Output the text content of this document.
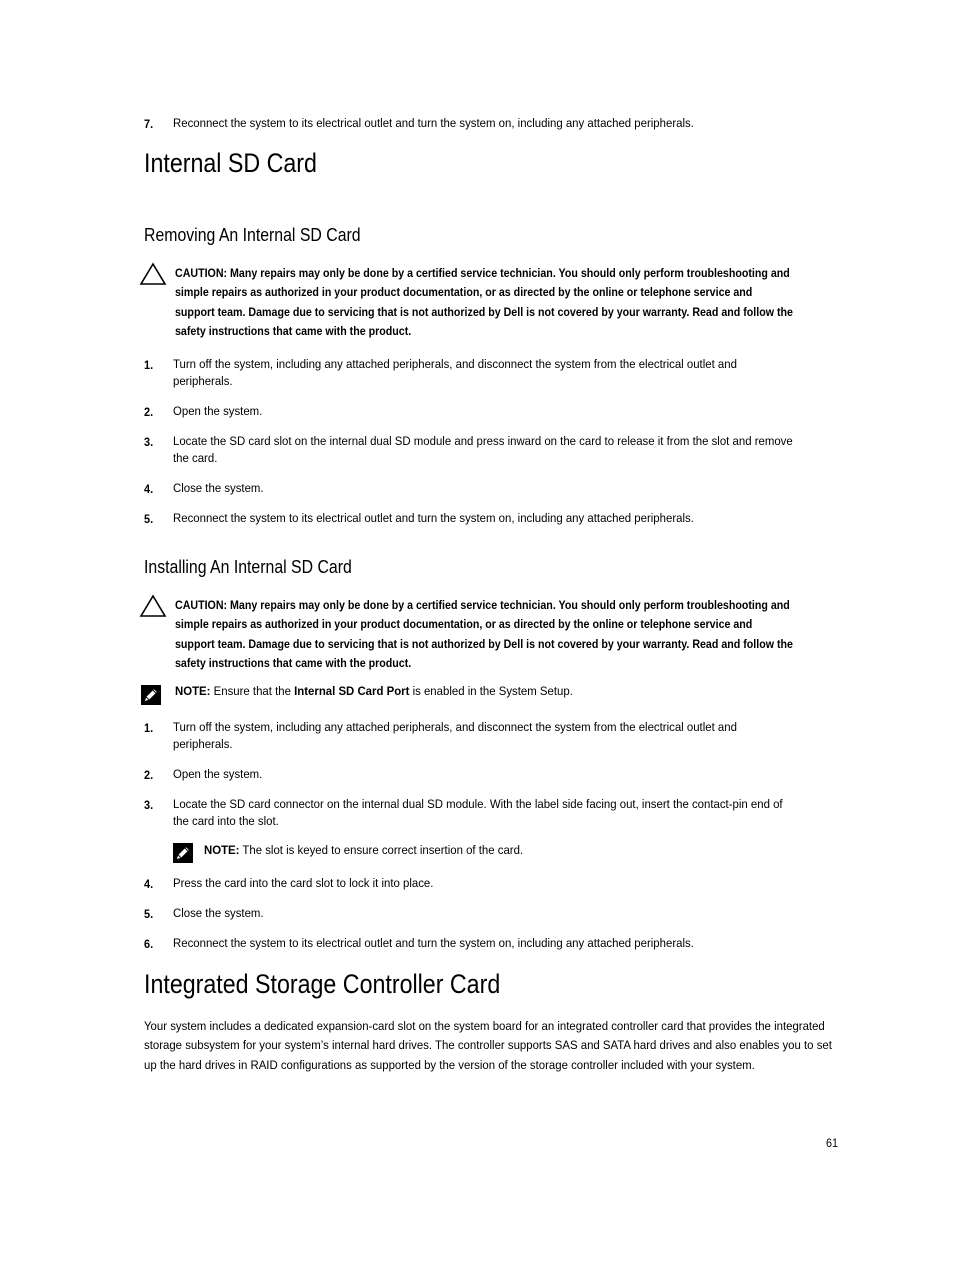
7. Reconnect the system to its electrical outlet and turn the system on, including any attached peripherals.
Internal SD Card
Removing An Internal SD Card
CAUTION: Many repairs may only be done by a certified service technician. You should only perform troubleshooting and simple repairs as authorized in your product documentation, or as directed by the online or telephone service and support team. Damage due to servicing that is not authorized by Dell is not covered by your warranty. Read and follow the safety instructions that came with the product.
1. Turn off the system, including any attached peripherals, and disconnect the system from the electrical outlet and peripherals.
2. Open the system.
3. Locate the SD card slot on the internal dual SD module and press inward on the card to release it from the slot and remove the card.
4. Close the system.
5. Reconnect the system to its electrical outlet and turn the system on, including any attached peripherals.
Installing An Internal SD Card
CAUTION: Many repairs may only be done by a certified service technician. You should only perform troubleshooting and simple repairs as authorized in your product documentation, or as directed by the online or telephone service and support team. Damage due to servicing that is not authorized by Dell is not covered by your warranty. Read and follow the safety instructions that came with the product.
NOTE: Ensure that the Internal SD Card Port is enabled in the System Setup.
1. Turn off the system, including any attached peripherals, and disconnect the system from the electrical outlet and peripherals.
2. Open the system.
3. Locate the SD card connector on the internal dual SD module. With the label side facing out, insert the contact-pin end of the card into the slot.
NOTE: The slot is keyed to ensure correct insertion of the card.
4. Press the card into the card slot to lock it into place.
5. Close the system.
6. Reconnect the system to its electrical outlet and turn the system on, including any attached peripherals.
Integrated Storage Controller Card
Your system includes a dedicated expansion-card slot on the system board for an integrated controller card that provides the integrated storage subsystem for your system’s internal hard drives. The controller supports SAS and SATA hard drives and also enables you to set up the hard drives in RAID configurations as supported by the version of the storage controller included with your system.
61
